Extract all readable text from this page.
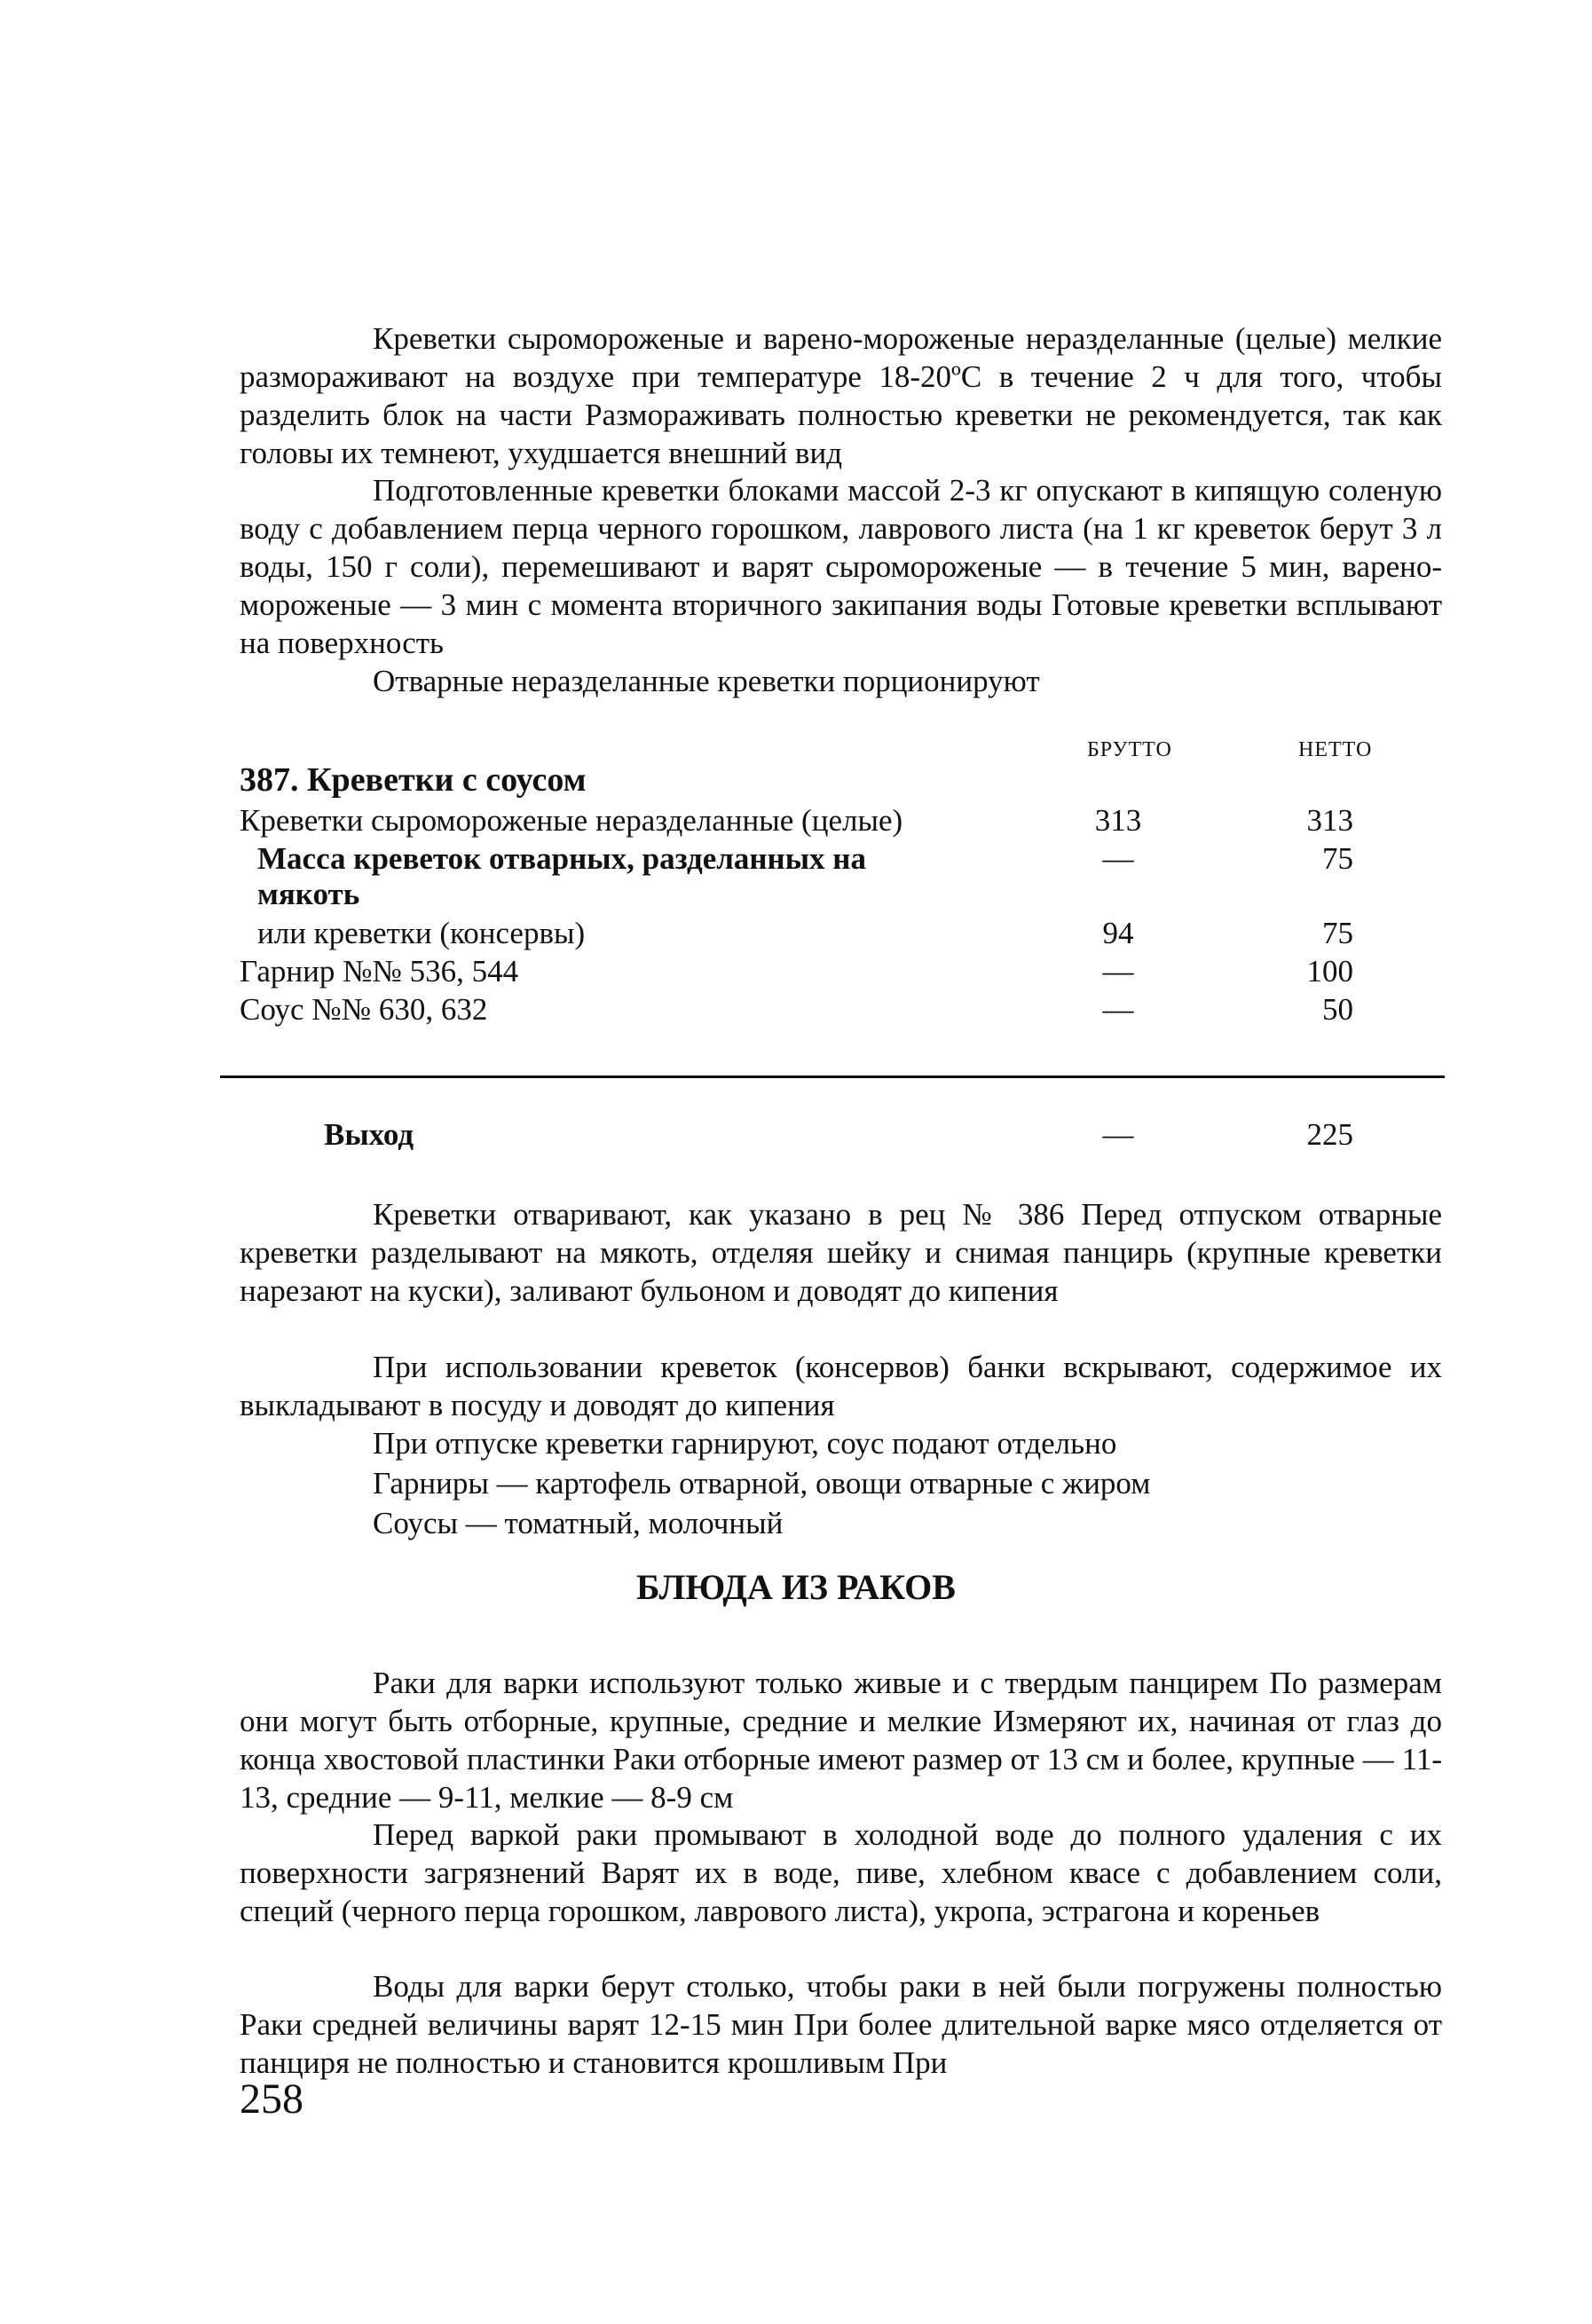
Креветки сыромороженые и варено-мороженые неразделанные (целые) мелкие размораживают на воздухе при температуре 18-20ºС в течение 2 ч для того, чтобы разделить блок на части Размораживать полностью креветки не рекомендуется, так как головы их темнеют, ухудшается внешний вид

Подготовленные креветки блоками массой 2-3 кг опускают в кипящую соленую воду с добавлением перца черного горошком, лаврового листа (на 1 кг креветок берут 3 л воды, 150 г соли), перемешивают и варят сыромороженые — в течение 5 мин, варено-мороженые — 3 мин с момента вторичного закипания воды Готовые креветки всплывают на поверхность

Отварные неразделанные креветки порционируют
БРУТТО	НЕТТО
387. Креветки с соусом
Креветки сыромороженые неразделанные (целые)	313	313
Масса креветок отварных, разделанных на	—	75
мякоть
или креветки (консервы)	94	75
Гарнир №№ 536, 544	—	100
Соус №№ 630, 632	—	50
Выход	—	225

Креветки отваривают, как указано в рец № 386 Перед отпуском отварные креветки разделывают на мякоть, отделяя шейку и снимая панцирь (крупные креветки нарезают на куски), заливают бульоном и доводят до кипения

При использовании креветок (консервов) банки вскрывают, содержимое их выкладывают в посуду и доводят до кипения

При отпуске креветки гарнируют, соус подают отдельно
Гарниры — картофель отварной, овощи отварные с жиром
Соусы — томатный, молочный
БЛЮДА ИЗ РАКОВ

Раки для варки используют только живые и с твердым панцирем По размерам они могут быть отборные, крупные, средние и мелкие Измеряют их, начиная от глаз до конца хвостовой пластинки Раки отборные имеют размер от 13 см и более, крупные — 11-13, средние — 9-11, мелкие — 8-9 см

Перед варкой раки промывают в холодной воде до полного удаления с их поверхности загрязнений Варят их в воде, пиве, хлебном квасе с добавлением соли, специй (черного перца горошком, лаврового листа), укропа, эстрагона и кореньев

Воды для варки берут столько, чтобы раки в ней были погружены полностью Раки средней величины варят 12-15 мин При более длительной варке мясо отделяется от панциря не полностью и становится крошливым При

258
